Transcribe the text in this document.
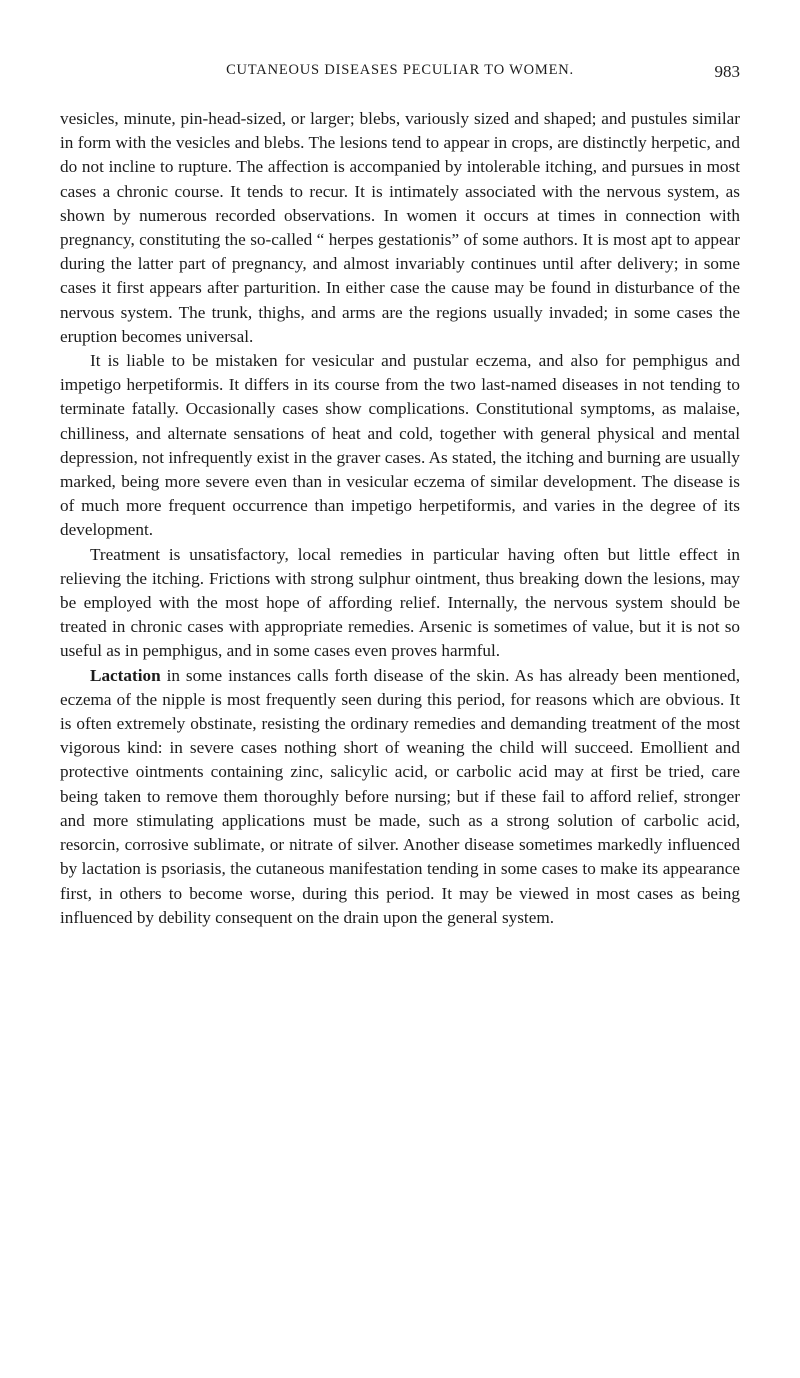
CUTANEOUS DISEASES PECULIAR TO WOMEN.	983

vesicles, minute, pin-head-sized, or larger; blebs, variously sized and shaped; and pustules similar in form with the vesicles and blebs. The lesions tend to appear in crops, are distinctly herpetic, and do not incline to rupture. The affection is accompanied by intolerable itching, and pursues in most cases a chronic course. It tends to recur. It is intimately associated with the nervous system, as shown by numerous recorded observations. In women it occurs at times in connection with pregnancy, constituting the so-called “ herpes gestationis” of some authors. It is most apt to appear during the latter part of pregnancy, and almost invariably continues until after delivery; in some cases it first appears after parturition. In either case the cause may be found in disturbance of the nervous system. The trunk, thighs, and arms are the regions usually invaded; in some cases the eruption becomes universal.

It is liable to be mistaken for vesicular and pustular eczema, and also for pemphigus and impetigo herpetiformis. It differs in its course from the two last-named diseases in not tending to terminate fatally. Occasionally cases show complications. Constitutional symptoms, as malaise, chilliness, and alternate sensations of heat and cold, together with general physical and mental depression, not infrequently exist in the graver cases. As stated, the itching and burning are usually marked, being more severe even than in vesicular eczema of similar development. The disease is of much more frequent occurrence than impetigo herpetiformis, and varies in the degree of its development.

Treatment is unsatisfactory, local remedies in particular having often but little effect in relieving the itching. Frictions with strong sulphur ointment, thus breaking down the lesions, may be employed with the most hope of affording relief. Internally, the nervous system should be treated in chronic cases with appropriate remedies. Arsenic is sometimes of value, but it is not so useful as in pemphigus, and in some cases even proves harmful.

Lactation in some instances calls forth disease of the skin. As has already been mentioned, eczema of the nipple is most frequently seen during this period, for reasons which are obvious. It is often extremely obstinate, resisting the ordinary remedies and demanding treatment of the most vigorous kind: in severe cases nothing short of weaning the child will succeed. Emollient and protective ointments containing zinc, salicylic acid, or carbolic acid may at first be tried, care being taken to remove them thoroughly before nursing; but if these fail to afford relief, stronger and more stimulating applications must be made, such as a strong solution of carbolic acid, resorcin, corrosive sublimate, or nitrate of silver. Another disease sometimes markedly influenced by lactation is psoriasis, the cutaneous manifestation tending in some cases to make its appearance first, in others to become worse, during this period. It may be viewed in most cases as being influenced by debility consequent on the drain upon the general system.
